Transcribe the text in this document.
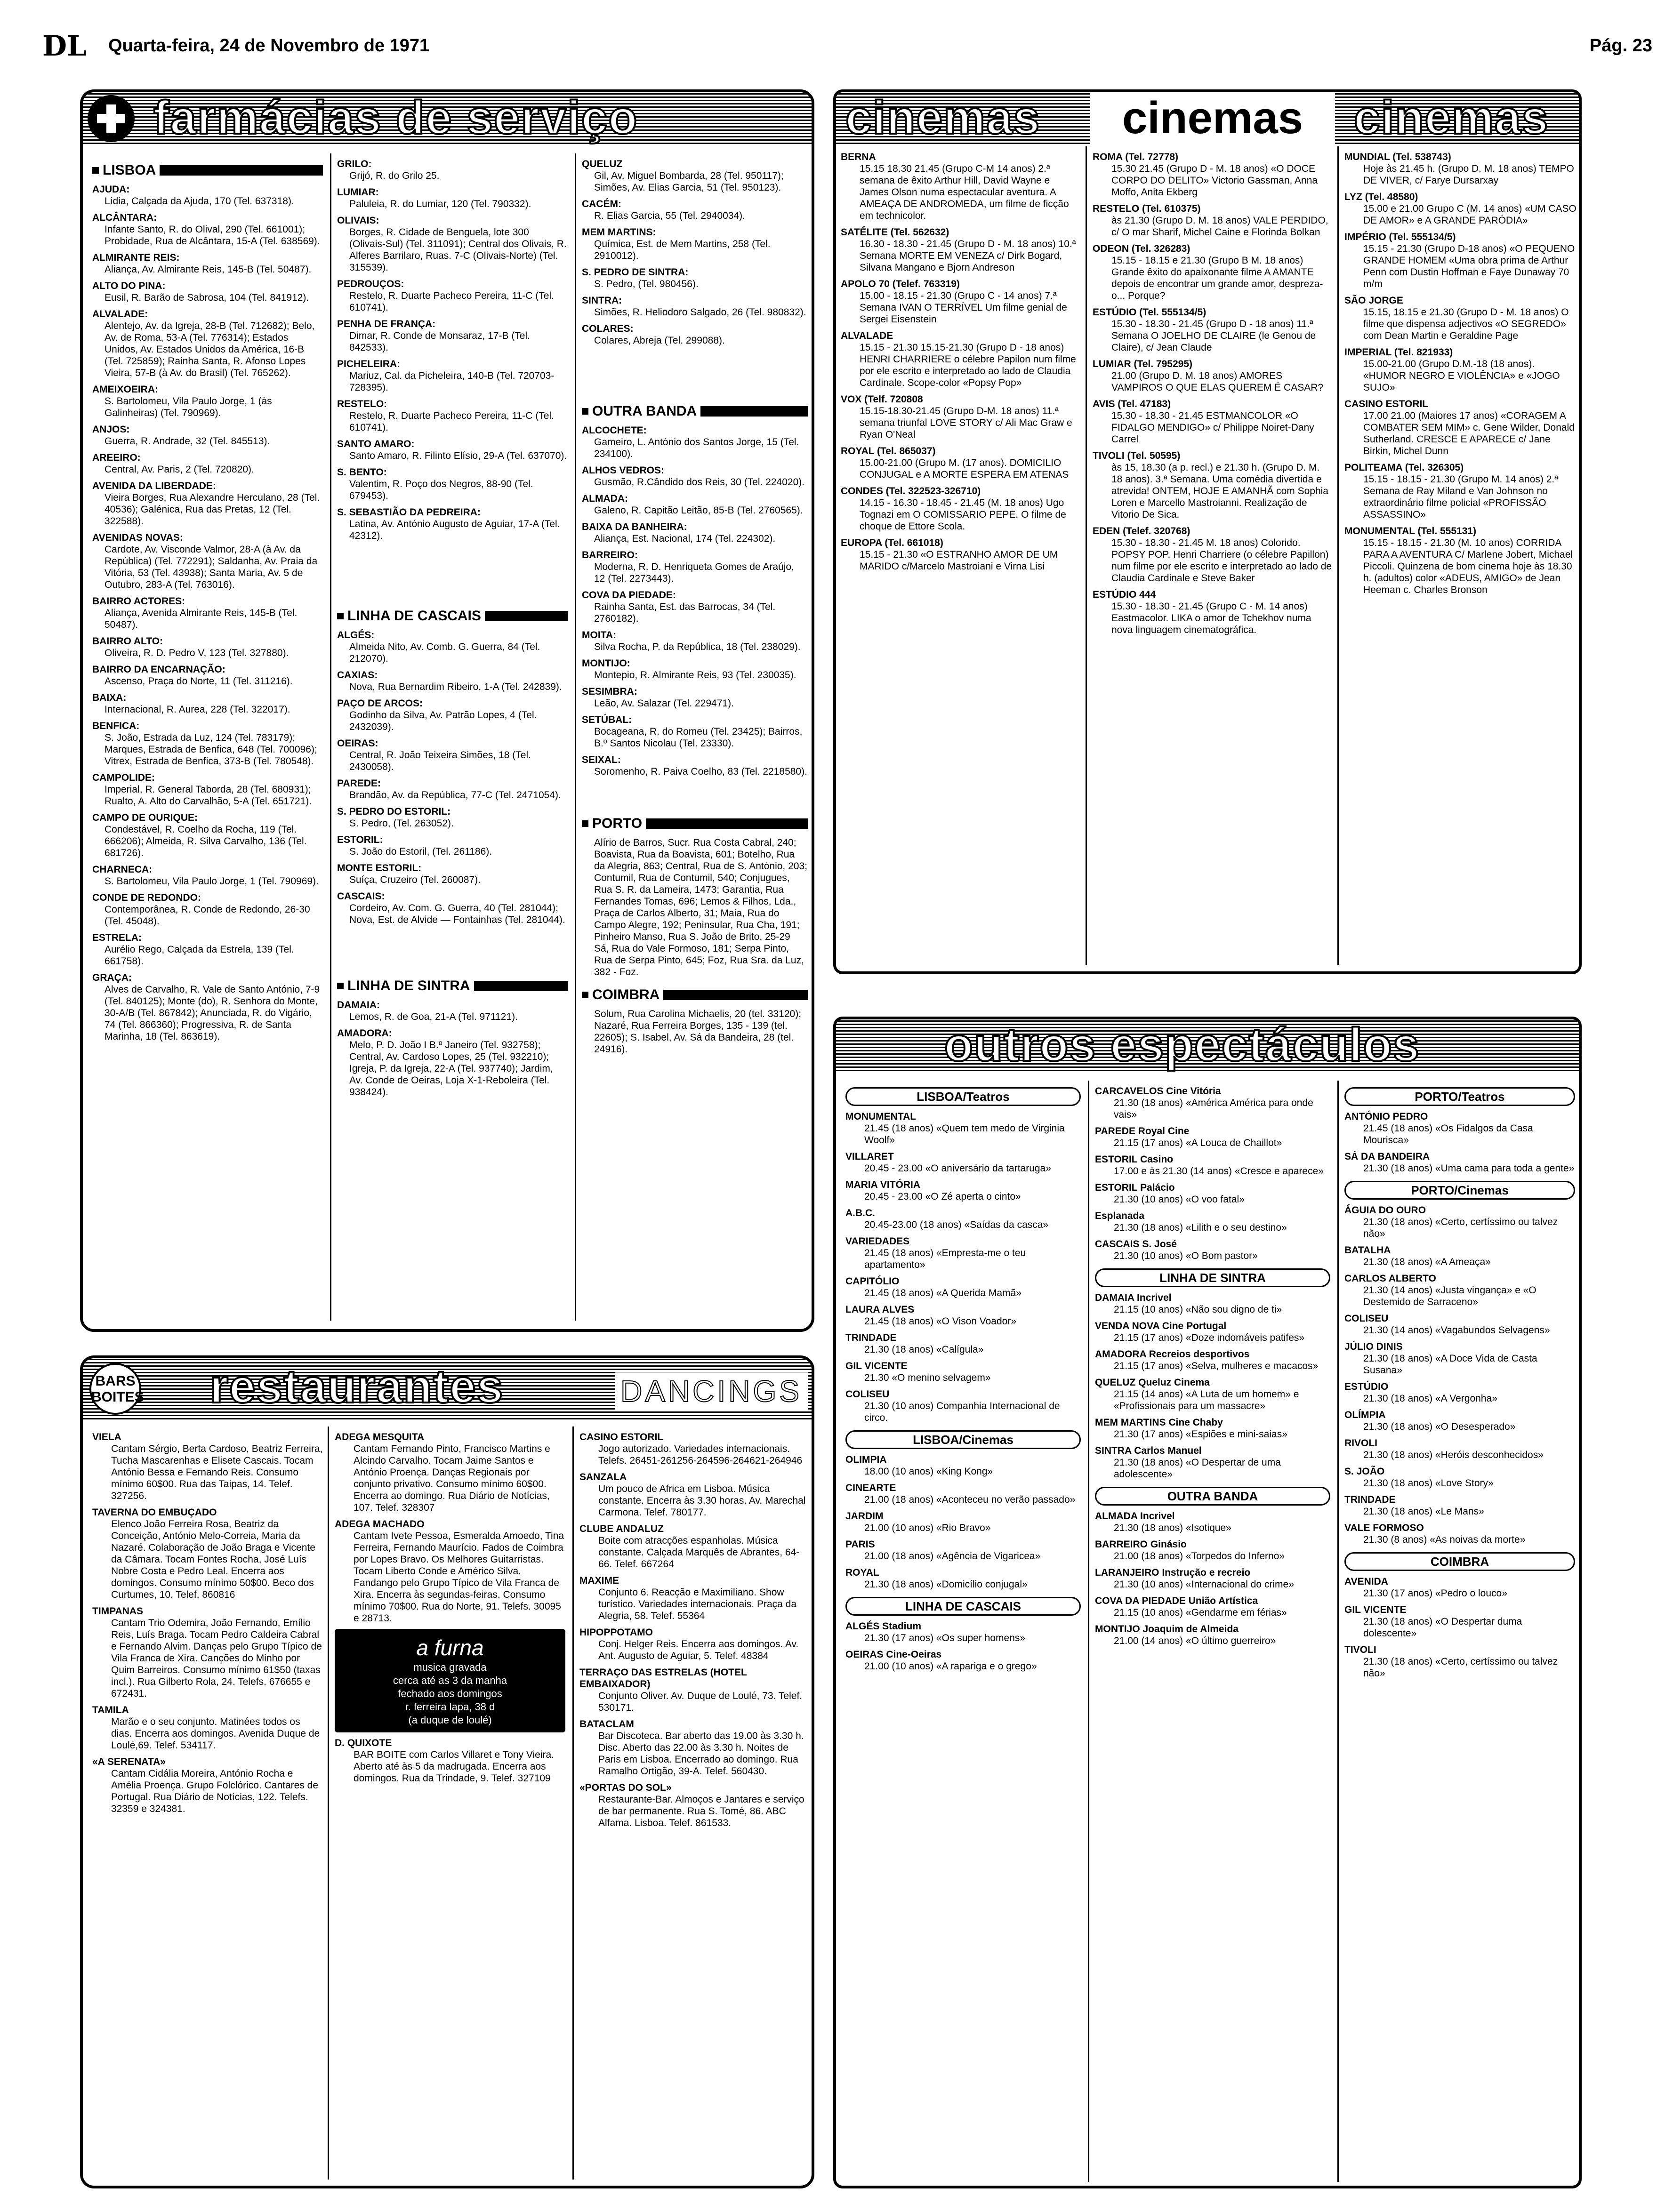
DL Quarta-feira, 24 de Novembro de 1971	Pág. 23
farmácias de serviço
LISBOA
AJUDA:
Lídia, Calçada da Ajuda, 170 (Tel. 637318).
ALCÂNTARA:
Infante Santo, R. do Olival, 290 (Tel. 661001); Probidade, Rua de Alcântara, 15-A (Tel. 638569).
ALMIRANTE REIS:
Aliança, Av. Almirante Reis, 145-B (Tel. 50487).
ALTO DO PINA:
Eusil, R. Barão de Sabrosa, 104 (Tel. 841912).
ALVALADE:
Alentejo, Av. da Igreja, 28-B (Tel. 712682); Belo, Av. de Roma, 53-A (Tel. 776314); Estados Unidos, Av. Estados Unidos da América, 16-B (Tel. 725859); Rainha Santa, R. Afonso Lopes Vieira, 57-B (à Av. do Brasil) (Tel. 765262).
AMEIXOEIRA:
S. Bartolomeu, Vila Paulo Jorge, 1 (às Galinheiras) (Tel. 790969).
ANJOS:
Guerra, R. Andrade, 32 (Tel. 845513).
AREEIRO:
Central, Av. Paris, 2 (Tel. 720820).
AVENIDA DA LIBERDADE:
Vieira Borges, Rua Alexandre Herculano, 28 (Tel. 40536); Galénica, Rua das Pretas, 12 (Tel. 322588).
AVENIDAS NOVAS:
Cardote, Av. Visconde Valmor, 28-A (à Av. da República) (Tel. 772291); Saldanha, Av. Praia da Vitória, 53 (Tel. 43938); Santa Maria, Av. 5 de Outubro, 283-A (Tel. 763016).
BAIRRO ACTORES:
Aliança, Avenida Almirante Reis, 145-B (Tel. 50487).
BAIRRO ALTO:
Oliveira, R. D. Pedro V, 123 (Tel. 327880).
BAIRRO DA ENCARNAÇÃO:
Ascenso, Praça do Norte, 11 (Tel. 311216).
BAIXA:
Internacional, R. Aurea, 228 (Tel. 322017).
BENFICA:
S. João, Estrada da Luz, 124 (Tel. 783179); Marques, Estrada de Benfica, 648 (Tel. 700096); Vitrex, Estrada de Benfica, 373-B (Tel. 780548).
CAMPOLIDE:
Imperial, R. General Taborda, 28 (Tel. 680931); Rualto, A. Alto do Carvalhão, 5-A (Tel. 651721).
CAMPO DE OURIQUE:
Condestável, R. Coelho da Rocha, 119 (Tel. 666206); Almeida, R. Silva Carvalho, 136 (Tel. 681726).
CHARNECA:
S. Bartolomeu, Vila Paulo Jorge, 1 (Tel. 790969).
CONDE DE REDONDO:
Contemporânea, R. Conde de Redondo, 26-30 (Tel. 45048).
ESTRELA:
Aurélio Rego, Calçada da Estrela, 139 (Tel. 661758).
GRAÇA:
Alves de Carvalho, R. Vale de Santo António, 7-9 (Tel. 840125); Monte (do), R. Senhora do Monte, 30-A/B (Tel. 867842); Anunciada, R. do Vigário, 74 (Tel. 866360); Progressiva, R. de Santa Marinha, 18 (Tel. 863619).
GRILO:
Grijó, R. do Grilo 25.
LUMIAR:
Paluleia, R. do Lumiar, 120 (Tel. 790332).
OLIVAIS:
Borges, R. Cidade de Benguela, lote 300 (Olivais-Sul) (Tel. 311091); Central dos Olivais, R. Alferes Barrilaro, Ruas. 7-C (Olivais-Norte) (Tel. 315539).
PEDROUÇOS:
Restelo, R. Duarte Pacheco Pereira, 11-C (Tel. 610741).
PENHA DE FRANÇA:
Dimar, R. Conde de Monsaraz, 17-B (Tel. 842533).
PICHELEIRA:
Mariuz, Cal. da Picheleira, 140-B (Tel. 720703-728395).
RESTELO:
Restelo, R. Duarte Pacheco Pereira, 11-C (Tel. 610741).
SANTO AMARO:
Santo Amaro, R. Filinto Elísio, 29-A (Tel. 637070).
S. BENTO:
Valentim, R. Poço dos Negros, 88-90 (Tel. 679453).
S. SEBASTIÃO DA PEDREIRA:
Latina, Av. António Augusto de Aguiar, 17-A (Tel. 42312).
LINHA DE CASCAIS
ALGÉS:
Almeida Nito, Av. Comb. G. Guerra, 84 (Tel. 212070).
CAXIAS:
Nova, Rua Bernardim Ribeiro, 1-A (Tel. 242839).
PAÇO DE ARCOS:
Godinho da Silva, Av. Patrão Lopes, 4 (Tel. 2432039).
OEIRAS:
Central, R. João Teixeira Simões, 18 (Tel. 2430058).
PAREDE:
Brandão, Av. da República, 77-C (Tel. 2471054).
S. PEDRO DO ESTORIL:
S. Pedro, (Tel. 263052).
ESTORIL:
S. João do Estoril, (Tel. 261186).
MONTE ESTORIL:
Suíça, Cruzeiro (Tel. 260087).
CASCAIS:
Cordeiro, Av. Com. G. Guerra, 40 (Tel. 281044); Nova, Est. de Alvide — Fontainhas (Tel. 281044).
LINHA DE SINTRA
DAMAIA:
Lemos, R. de Goa, 21-A (Tel. 971121).
AMADORA:
Melo, P. D. João I B.º Janeiro (Tel. 932758); Central, Av. Cardoso Lopes, 25 (Tel. 932210); Igreja, P. da Igreja, 22-A (Tel. 937740); Jardim, Av. Conde de Oeiras, Loja X-1-Reboleira (Tel. 938424).
QUELUZ
Gil, Av. Miguel Bombarda, 28 (Tel. 950117); Simões, Av. Elias Garcia, 51 (Tel. 950123).
CACÉM:
R. Elias Garcia, 55 (Tel. 2940034).
MEM MARTINS:
Química, Est. de Mem Martins, 258 (Tel. 2910012).
S. PEDRO DE SINTRA:
S. Pedro, (Tel. 980456).
SINTRA:
Simões, R. Heliodoro Salgado, 26 (Tel. 980832).
COLARES:
Colares, Abreja (Tel. 299088).
OUTRA BANDA
ALCOCHETE:
Gameiro, L. António dos Santos Jorge, 15 (Tel. 234100).
ALHOS VEDROS:
Gusmão, R.Cândido dos Reis, 30 (Tel. 224020).
ALMADA:
Galeno, R. Capitão Leitão, 85-B (Tel. 2760565).
BAIXA DA BANHEIRA:
Aliança, Est. Nacional, 174 (Tel. 224302).
BARREIRO:
Moderna, R. D. Henriqueta Gomes de Araújo, 12 (Tel. 2273443).
COVA DA PIEDADE:
Rainha Santa, Est. das Barrocas, 34 (Tel. 2760182).
MOITA:
Silva Rocha, P. da República, 18 (Tel. 238029).
MONTIJO:
Montepio, R. Almirante Reis, 93 (Tel. 230035).
SESIMBRA:
Leão, Av. Salazar (Tel. 229471).
SETÚBAL:
Bocageana, R. do Romeu (Tel. 23425); Bairros, B.º Santos Nicolau (Tel. 23330).
SEIXAL:
Soromenho, R. Paiva Coelho, 83 (Tel. 2218580).
PORTO
Alírio de Barros, Sucr. Rua Costa Cabral, 240; Boavista, Rua da Boavista, 601; Botelho, Rua da Alegria, 863; Central, Rua de S. António, 203; Contumil, Rua de Contumil, 540; Conjugues, Rua S. R. da Lameira, 1473; Garantia, Rua Fernandes Tomas, 696; Lemos & Filhos, Lda., Praça de Carlos Alberto, 31; Maia, Rua do Campo Alegre, 192; Peninsular, Rua Cha, 191; Pinheiro Manso, Rua S. João de Brito, 25-29 Sá, Rua do Vale Formoso, 181; Serpa Pinto, Rua de Serpa Pinto, 645; Foz, Rua Sra. da Luz, 382 - Foz.
COIMBRA
Solum, Rua Carolina Michaelis, 20 (tel. 33120); Nazaré, Rua Ferreira Borges, 135 - 139 (tel. 22605); S. Isabel, Av. Sá da Bandeira, 28 (tel. 24916).
cinemas	cinemas	cinemas
BERNA
15.15 18.30 21.45 (Grupo C-M 14 anos) 2.ª semana de êxito Arthur Hill, David Wayne e James Olson numa espectacular aventura. A AMEAÇA DE ANDROMEDA, um filme de ficção em technicolor.
SATÉLITE (Tel. 562632)
16.30 - 18.30 - 21.45 (Grupo D - M. 18 anos) 10.ª Semana MORTE EM VENEZA c/ Dirk Bogard, Silvana Mangano e Bjorn Andreson
APOLO 70 (Telef. 763319)
15.00 - 18.15 - 21.30 (Grupo C - 14 anos) 7.ª Semana IVAN O TERRÍVEL Um filme genial de Sergei Eisenstein
ALVALADE
15.15 - 21.30 15.15-21.30 (Grupo D - 18 anos) HENRI CHARRIERE o célebre Papilon num filme por ele escrito e interpretado ao lado de Claudia Cardinale. Scope-color «Popsy Pop»
VOX (Telf. 720808
15.15-18.30-21.45 (Grupo D-M. 18 anos) 11.ª semana triunfal LOVE STORY c/ Ali Mac Graw e Ryan O'Neal
ROYAL (Tel. 865037)
15.00-21.00 (Grupo M. (17 anos). DOMICILIO CONJUGAL e A MORTE ESPERA EM ATENAS
CONDES (Tel. 322523-326710)
14.15 - 16.30 - 18.45 - 21.45 (M. 18 anos) Ugo Tognazi em O COMISSARIO PEPE. O filme de choque de Ettore Scola.
EUROPA (Tel. 661018)
15.15 - 21.30 «O ESTRANHO AMOR DE UM MARIDO c/Marcelo Mastroiani e Virna Lisi
ROMA (Tel. 72778)
15.30 21.45 (Grupo D - M. 18 anos) «O DOCE CORPO DO DELITO» Victorio Gassman, Anna Moffo, Anita Ekberg
RESTELO (Tel. 610375)
às 21.30 (Grupo D. M. 18 anos) VALE PERDIDO, c/ O mar Sharif, Michel Caine e Florinda Bolkan
ODEON (Tel. 326283)
15.15 - 18.15 e 21.30 (Grupo B M. 18 anos) Grande êxito do apaixonante filme A AMANTE depois de encontrar um grande amor, despreza-o... Porque?
ESTÚDIO (Tel. 555134/5)
15.30 - 18.30 - 21.45 (Grupo D - 18 anos) 11.ª Semana O JOELHO DE CLAIRE (le Genou de Claire), c/ Jean Claude
LUMIAR (Tel. 795295)
21.00 (Grupo D. M. 18 anos) AMORES VAMPIROS O QUE ELAS QUEREM É CASAR?
AVIS (Tel. 47183)
15.30 - 18.30 - 21.45 ESTMANCOLOR «O FIDALGO MENDIGO» c/ Philippe Noiret-Dany Carrel
TIVOLI (Tel. 50595)
às 15, 18.30 (a p. recl.) e 21.30 h. (Grupo D. M. 18 anos). 3.ª Semana. Uma comédia divertida e atrevida! ONTEM, HOJE E AMANHÃ com Sophia Loren e Marcello Mastroianni. Realização de Vitorio De Sica.
EDEN (Telef. 320768)
15.30 - 18.30 - 21.45 M. 18 anos) Colorido. POPSY POP. Henri Charriere (o célebre Papillon) num filme por ele escrito e interpretado ao lado de Claudia Cardinale e Steve Baker
ESTÚDIO 444
15.30 - 18.30 - 21.45 (Grupo C - M. 14 anos) Eastmacolor. LIKA o amor de Tchekhov numa nova linguagem cinematográfica.
MUNDIAL (Tel. 538743)
Hoje às 21.45 h. (Grupo D. M. 18 anos) TEMPO DE VIVER, c/ Farye Dursarxay
LYZ (Tel. 48580)
15.00 e 21.00 Grupo C (M. 14 anos) «UM CASO DE AMOR» e A GRANDE PARÓDIA»
IMPÉRIO (Tel. 555134/5)
15.15 - 21.30 (Grupo D-18 anos) «O PEQUENO GRANDE HOMEM «Uma obra prima de Arthur Penn com Dustin Hoffman e Faye Dunaway 70 m/m
SÃO JORGE
15.15, 18.15 e 21.30 (Grupo D - M. 18 anos) O filme que dispensa adjectivos «O SEGREDO» com Dean Martin e Geraldine Page
IMPERIAL (Tel. 821933)
15.00-21.00 (Grupo D.M.-18 (18 anos). «HUMOR NEGRO E VIOLÊNCIA» e «JOGO SUJO»
CASINO ESTORIL
17.00 21.00 (Maiores 17 anos) «CORAGEM A COMBATER SEM MIM» c. Gene Wilder, Donald Sutherland. CRESCE E APARECE c/ Jane Birkin, Michel Dunn
POLITEAMA (Tel. 326305)
15.15 - 18.15 - 21.30 (Grupo M. 14 anos) 2.ª Semana de Ray Miland e Van Johnson no extraordinário filme policial «PROFISSÃO ASSASSINO»
MONUMENTAL (Tel. 555131)
15.15 - 18.15 - 21.30 (M. 10 anos) CORRIDA PARA A AVENTURA C/ Marlene Jobert, Michael Piccoli. Quinzena de bom cinema hoje às 18.30 h. (adultos) color «ADEUS, AMIGO» de Jean Heeman c. Charles Bronson
outros espectáculos
LISBOA/Teatros
MONUMENTAL
21.45 (18 anos) «Quem tem medo de Virginia Woolf»
VILLARET
20.45 - 23.00 «O aniversário da tartaruga»
MARIA VITÓRIA
20.45 - 23.00 «O Zé aperta o cinto»
A.B.C.
20.45-23.00 (18 anos) «Saídas da casca»
VARIEDADES
21.45 (18 anos) «Empresta-me o teu apartamento»
CAPITÓLIO
21.45 (18 anos) «A Querida Mamã»
LAURA ALVES
21.45 (18 anos) «O Vison Voador»
TRINDADE
21.30 (18 anos) «Calígula»
GIL VICENTE
21.30 «O menino selvagem»
COLISEU
21.30 (10 anos) Companhia Internacional de circo.
LISBOA/Cinemas
OLIMPIA
18.00 (10 anos) «King Kong»
CINEARTE
21.00 (18 anos) «Aconteceu no verão passado»
JARDIM
21.00 (10 anos) «Rio Bravo»
PARIS
21.00 (18 anos) «Agência de Vigaricea»
ROYAL
21.30 (18 anos) «Domicílio conjugal»
LINHA DE CASCAIS
ALGÉS Stadium
21.30 (17 anos) «Os super homens»
OEIRAS Cine-Oeiras
21.00 (10 anos) «A rapariga e o grego»
CARCAVELOS Cine Vitória
21.30 (18 anos) «América América para onde vais»
PAREDE Royal Cine
21.15 (17 anos) «A Louca de Chaillot»
ESTORIL Casino
17.00 e às 21.30 (14 anos) «Cresce e aparece»
ESTORIL Palácio
21.30 (10 anos) «O voo fatal»
Esplanada
21.30 (18 anos) «Lilith e o seu destino»
CASCAIS S. José
21.30 (10 anos) «O Bom pastor»
LINHA DE SINTRA
DAMAIA Incrivel
21.15 (10 anos) «Não sou digno de ti»
VENDA NOVA Cine Portugal
21.15 (17 anos) «Doze indomáveis patifes»
AMADORA Recreios desportivos
21.15 (17 anos) «Selva, mulheres e macacos»
QUELUZ Queluz Cinema
21.15 (14 anos) «A Luta de um homem» e «Profissionais para um massacre»
MEM MARTINS Cine Chaby
21.30 (17 anos) «Espiões e mini-saias»
SINTRA Carlos Manuel
21.30 (18 anos) «O Despertar de uma adolescente»
OUTRA BANDA
ALMADA Incrivel
21.30 (18 anos) «Isotique»
BARREIRO Ginásio
21.00 (18 anos) «Torpedos do Inferno»
LARANJEIRO Instrução e recreio
21.30 (10 anos) «Internacional do crime»
COVA DA PIEDADE União Artística
21.15 (10 anos) «Gendarme em férias»
MONTIJO Joaquim de Almeida
21.00 (14 anos) «O último guerreiro»
PORTO/Teatros
ANTÓNIO PEDRO
21.45 (18 anos) «Os Fidalgos da Casa Mourisca»
SÁ DA BANDEIRA
21.30 (18 anos) «Uma cama para toda a gente»
PORTO/Cinemas
ÁGUIA DO OURO
21.30 (18 anos) «Certo, certíssimo ou talvez não»
BATALHA
21.30 (18 anos) «A Ameaça»
CARLOS ALBERTO
21.30 (14 anos) «Justa vingança» e «O Destemido de Sarraceno»
COLISEU
21.30 (14 anos) «Vagabundos Selvagens»
JÚLIO DINIS
21.30 (18 anos) «A Doce Vida de Casta Susana»
ESTÚDIO
21.30 (18 anos) «A Vergonha»
OLÍMPIA
21.30 (18 anos) «O Desesperado»
RIVOLI
21.30 (18 anos) «Heróis desconhecidos»
S. JOÃO
21.30 (18 anos) «Love Story»
TRINDADE
21.30 (18 anos) «Le Mans»
VALE FORMOSO
21.30 (8 anos) «As noivas da morte»
COIMBRA
AVENIDA
21.30 (17 anos) «Pedro o louco»
GIL VICENTE
21.30 (18 anos) «O Despertar duma dolescente»
TIVOLI
21.30 (18 anos) «Certo, certíssimo ou talvez não»
BARS BOITES restaurantes	DANCINGS
VIELA
Cantam Sérgio, Berta Cardoso, Beatriz Ferreira, Tucha Mascarenhas e Elisete Cascais. Tocam António Bessa e Fernando Reis. Consumo mínimo 60$00. Rua das Taipas, 14. Telef. 327256.
TAVERNA DO EMBUÇADO
Elenco João Ferreira Rosa, Beatriz da Conceição, António Melo-Correia, Maria da Nazaré. Colaboração de João Braga e Vicente da Câmara. Tocam Fontes Rocha, José Luís Nobre Costa e Pedro Leal. Encerra aos domingos. Consumo mínimo 50$00. Beco dos Curtumes, 10. Telef. 860816
TIMPANAS
Cantam Trio Odemira, João Fernando, Emílio Reis, Luís Braga. Tocam Pedro Caldeira Cabral e Fernando Alvim. Danças pelo Grupo Típico de Vila Franca de Xira. Canções do Minho por Quim Barreiros. Consumo mínimo 61$50 (taxas incl.). Rua Gilberto Rola, 24. Telefs. 676655 e 672431.
TAMILA
Marão e o seu conjunto. Matinées todos os dias. Encerra aos domingos. Avenida Duque de Loulé,69. Telef. 534117.
«A SERENATA»
Cantam Cidália Moreira, António Rocha e Amélia Proença. Grupo Folclórico. Cantares de Portugal. Rua Diário de Notícias, 122. Telefs. 32359 e 324381.
ADEGA MESQUITA
Cantam Fernando Pinto, Francisco Martins e Alcindo Carvalho. Tocam Jaime Santos e António Proença. Danças Regionais por conjunto privativo. Consumo mínimo 60$00. Encerra ao domingo. Rua Diário de Notícias, 107. Telef. 328307
ADEGA MACHADO
Cantam Ivete Pessoa, Esmeralda Amoedo, Tina Ferreira, Fernando Maurício. Fados de Coimbra por Lopes Bravo. Os Melhores Guitarristas. Tocam Liberto Conde e Américo Silva. Fandango pelo Grupo Típico de Vila Franca de Xira. Encerra às segundas-feiras. Consumo mínimo 70$00. Rua do Norte, 91. Telefs. 30095 e 28713.
a furna
musica gravada
cerca até as 3 da manha
fechado aos domingos
r. ferreira lapa, 38 d
(a duque de loulé)
D. QUIXOTE
BAR BOITE com Carlos Villaret e Tony Vieira. Aberto até às 5 da madrugada. Encerra aos domingos. Rua da Trindade, 9. Telef. 327109
CASINO ESTORIL
Jogo autorizado. Variedades internacionais. Telefs. 26451-261256-264596-264621-264946
SANZALA
Um pouco de Africa em Lisboa. Música constante. Encerra às 3.30 horas. Av. Marechal Carmona. Telef. 780177.
CLUBE ANDALUZ
Boite com atracções espanholas. Música constante. Calçada Marquês de Abrantes, 64-66. Telef. 667264
MAXIME
Conjunto 6. Reacção e Maximiliano. Show turístico. Variedades internacionais. Praça da Alegria, 58. Telef. 55364
HIPOPPOTAMO
Conj. Helger Reis. Encerra aos domingos. Av. Ant. Augusto de Aguiar, 5. Telef. 48384
TERRAÇO DAS ESTRELAS (HOTEL EMBAIXADOR)
Conjunto Oliver. Av. Duque de Loulé, 73. Telef. 530171.
BATACLAM
Bar Discoteca. Bar aberto das 19.00 às 3.30 h. Disc. Aberto das 22.00 às 3.30 h. Noites de Paris em Lisboa. Encerrado ao domingo. Rua Ramalho Ortigão, 39-A. Telef. 560430.
«PORTAS DO SOL»
Restaurante-Bar. Almoços e Jantares e serviço de bar permanente. Rua S. Tomé, 86. ABC Alfama. Lisboa. Telef. 861533.
